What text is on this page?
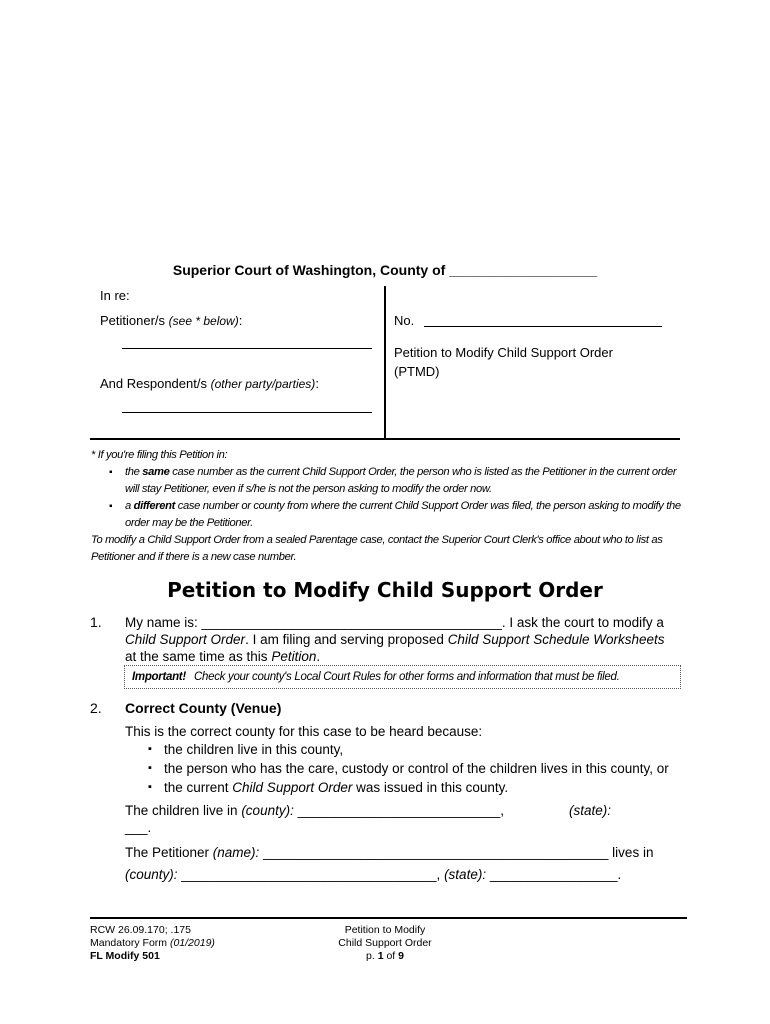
Superior Court of Washington, County of ___________________
In re:
Petitioner/s (see * below):
And Respondent/s (other party/parties):
No.
Petition to Modify Child Support Order
(PTMD)
* If you're filing this Petition in:
▪ the same case number as the current Child Support Order, the person who is listed as the Petitioner in the current order will stay Petitioner, even if s/he is not the person asking to modify the order now.
▪ a different case number or county from where the current Child Support Order was filed, the person asking to modify the order may be the Petitioner.
To modify a Child Support Order from a sealed Parentage case, contact the Superior Court Clerk's office about who to list as Petitioner and if there is a new case number.
Petition to Modify Child Support Order
1. My name is: ________________________________________. I ask the court to modify a Child Support Order. I am filing and serving proposed Child Support Schedule Worksheets at the same time as this Petition.
Important! Check your county's Local Court Rules for other forms and information that must be filed.
2. Correct County (Venue)
This is the correct county for this case to be heard because:
▪ the children live in this county,
▪ the person who has the care, custody or control of the children lives in this county, or
▪ the current Child Support Order was issued in this county.
The children live in (county): ___________________________,	(state):
___.
The Petitioner (name): ______________________________________________ lives in
(county): __________________________________, (state): _________________.
RCW 26.09.170; .175
Mandatory Form (01/2019)
FL Modify 501
Petition to Modify
Child Support Order
p. 1 of 9
